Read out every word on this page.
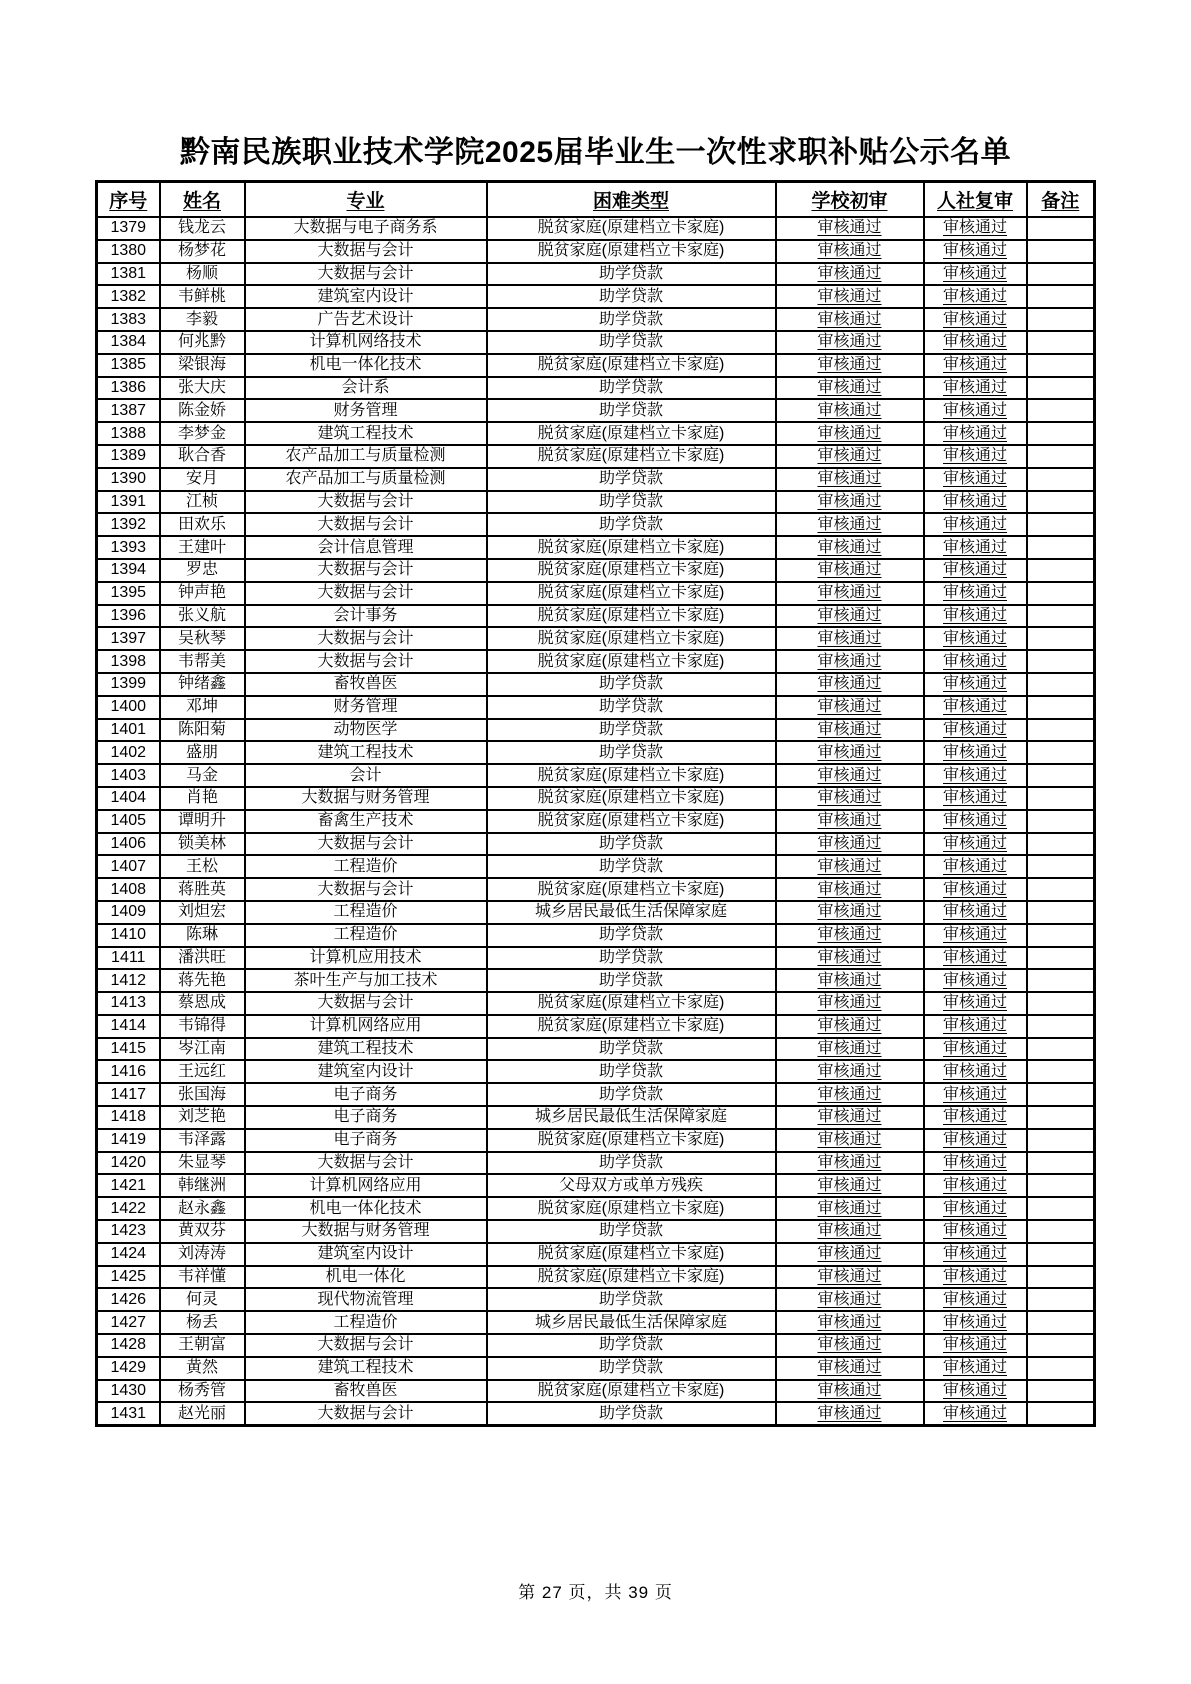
黔南民族职业技术学院2025届毕业生一次性求职补贴公示名单
序号	姓名	专业	困难类型	学校初审	人社复审	备注
1379	钱龙云	大数据与电子商务系	脱贫家庭(原建档立卡家庭)	审核通过	审核通过	
1380	杨梦花	大数据与会计	脱贫家庭(原建档立卡家庭)	审核通过	审核通过	
1381	杨顺	大数据与会计	助学贷款	审核通过	审核通过	
1382	韦鲜桃	建筑室内设计	助学贷款	审核通过	审核通过	
1383	李毅	广告艺术设计	助学贷款	审核通过	审核通过	
1384	何兆黔	计算机网络技术	助学贷款	审核通过	审核通过	
1385	梁银海	机电一体化技术	脱贫家庭(原建档立卡家庭)	审核通过	审核通过	
1386	张大庆	会计系	助学贷款	审核通过	审核通过	
1387	陈金娇	财务管理	助学贷款	审核通过	审核通过	
1388	李梦金	建筑工程技术	脱贫家庭(原建档立卡家庭)	审核通过	审核通过	
1389	耿合香	农产品加工与质量检测	脱贫家庭(原建档立卡家庭)	审核通过	审核通过	
1390	安月	农产品加工与质量检测	助学贷款	审核通过	审核通过	
1391	江桢	大数据与会计	助学贷款	审核通过	审核通过	
1392	田欢乐	大数据与会计	助学贷款	审核通过	审核通过	
1393	王建叶	会计信息管理	脱贫家庭(原建档立卡家庭)	审核通过	审核通过	
1394	罗忠	大数据与会计	脱贫家庭(原建档立卡家庭)	审核通过	审核通过	
1395	钟声艳	大数据与会计	脱贫家庭(原建档立卡家庭)	审核通过	审核通过	
1396	张义航	会计事务	脱贫家庭(原建档立卡家庭)	审核通过	审核通过	
1397	吴秋琴	大数据与会计	脱贫家庭(原建档立卡家庭)	审核通过	审核通过	
1398	韦帮美	大数据与会计	脱贫家庭(原建档立卡家庭)	审核通过	审核通过	
1399	钟绪鑫	畜牧兽医	助学贷款	审核通过	审核通过	
1400	邓坤	财务管理	助学贷款	审核通过	审核通过	
1401	陈阳菊	动物医学	助学贷款	审核通过	审核通过	
1402	盛朋	建筑工程技术	助学贷款	审核通过	审核通过	
1403	马金	会计	脱贫家庭(原建档立卡家庭)	审核通过	审核通过	
1404	肖艳	大数据与财务管理	脱贫家庭(原建档立卡家庭)	审核通过	审核通过	
1405	谭明升	畜禽生产技术	脱贫家庭(原建档立卡家庭)	审核通过	审核通过	
1406	锁美林	大数据与会计	助学贷款	审核通过	审核通过	
1407	王松	工程造价	助学贷款	审核通过	审核通过	
1408	蒋胜英	大数据与会计	脱贫家庭(原建档立卡家庭)	审核通过	审核通过	
1409	刘炟宏	工程造价	城乡居民最低生活保障家庭	审核通过	审核通过	
1410	陈琳	工程造价	助学贷款	审核通过	审核通过	
1411	潘洪旺	计算机应用技术	助学贷款	审核通过	审核通过	
1412	蒋先艳	茶叶生产与加工技术	助学贷款	审核通过	审核通过	
1413	蔡恩成	大数据与会计	脱贫家庭(原建档立卡家庭)	审核通过	审核通过	
1414	韦锦得	计算机网络应用	脱贫家庭(原建档立卡家庭)	审核通过	审核通过	
1415	岑江南	建筑工程技术	助学贷款	审核通过	审核通过	
1416	王远红	建筑室内设计	助学贷款	审核通过	审核通过	
1417	张国海	电子商务	助学贷款	审核通过	审核通过	
1418	刘芝艳	电子商务	城乡居民最低生活保障家庭	审核通过	审核通过	
1419	韦泽露	电子商务	脱贫家庭(原建档立卡家庭)	审核通过	审核通过	
1420	朱显琴	大数据与会计	助学贷款	审核通过	审核通过	
1421	韩继洲	计算机网络应用	父母双方或单方残疾	审核通过	审核通过	
1422	赵永鑫	机电一体化技术	脱贫家庭(原建档立卡家庭)	审核通过	审核通过	
1423	黄双芬	大数据与财务管理	助学贷款	审核通过	审核通过	
1424	刘涛涛	建筑室内设计	脱贫家庭(原建档立卡家庭)	审核通过	审核通过	
1425	韦祥懂	机电一体化	脱贫家庭(原建档立卡家庭)	审核通过	审核通过	
1426	何灵	现代物流管理	助学贷款	审核通过	审核通过	
1427	杨丢	工程造价	城乡居民最低生活保障家庭	审核通过	审核通过	
1428	王朝富	大数据与会计	助学贷款	审核通过	审核通过	
1429	黄然	建筑工程技术	助学贷款	审核通过	审核通过	
1430	杨秀管	畜牧兽医	脱贫家庭(原建档立卡家庭)	审核通过	审核通过	
1431	赵光丽	大数据与会计	助学贷款	审核通过	审核通过	
第 27 页，共 39 页
